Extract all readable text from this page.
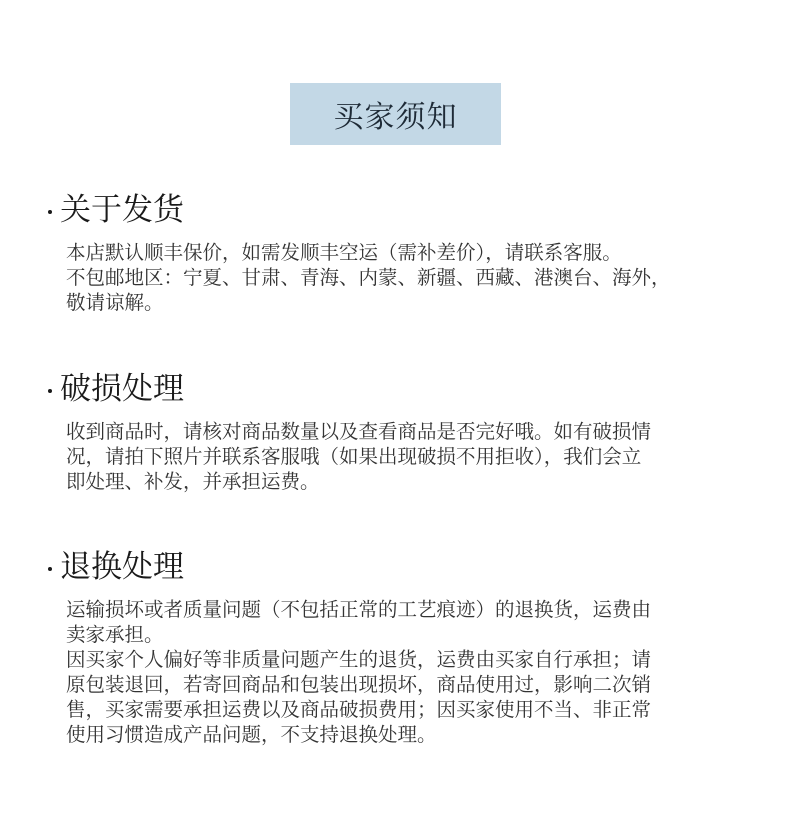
买家须知
关于发货
本店默认顺丰保价，如需发顺丰空运（需补差价），请联系客服。
不包邮地区：宁夏、甘肃、青海、内蒙、新疆、西藏、港澳台、海外，
敬请谅解。
破损处理
收到商品时，请核对商品数量以及查看商品是否完好哦。如有破损情
况，请拍下照片并联系客服哦（如果出现破损不用拒收），我们会立
即处理、补发，并承担运费。
退换处理
运输损坏或者质量问题（不包括正常的工艺痕迹）的退换货，运费由
卖家承担。
因买家个人偏好等非质量问题产生的退货，运费由买家自行承担；请
原包装退回，若寄回商品和包装出现损坏，商品使用过，影响二次销
售，买家需要承担运费以及商品破损费用；因买家使用不当、非正常
使用习惯造成产品问题，不支持退换处理。
